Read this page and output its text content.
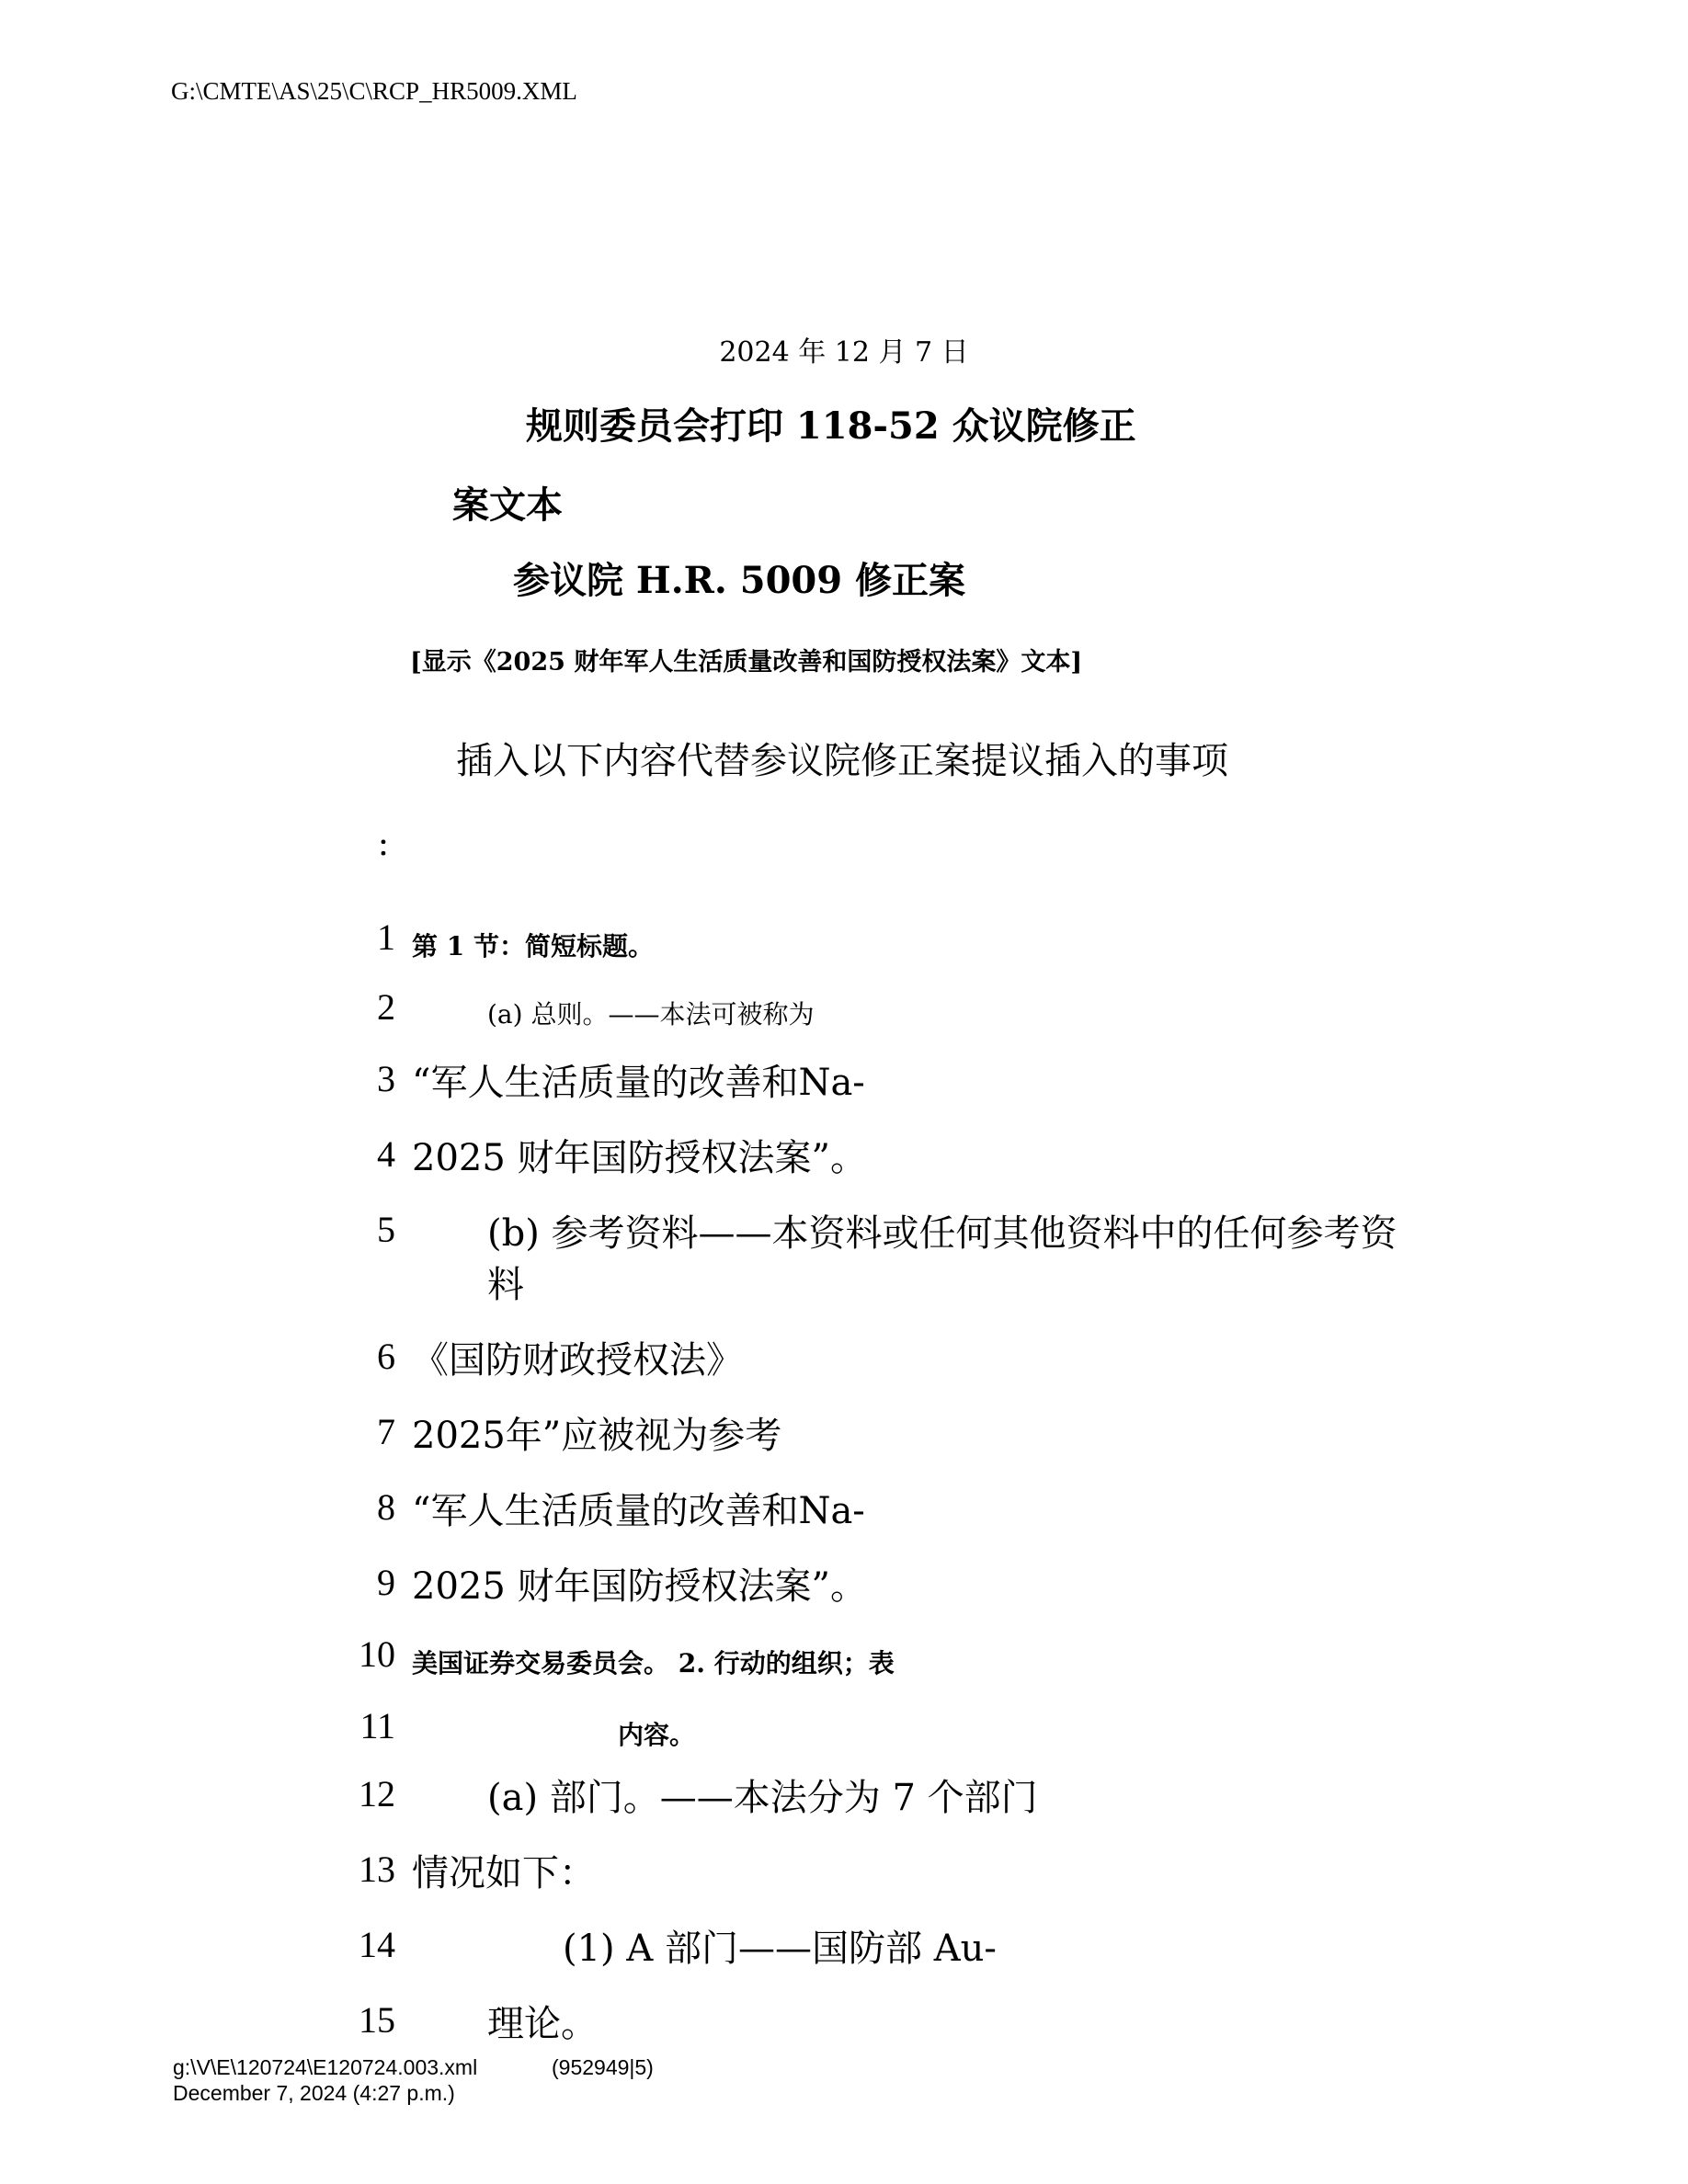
G:\CMTE\AS\25\C\RCP_HR5009.XML
2024 年 12 月 7 日
规则委员会打印 118-52 众议院修正
案文本
参议院 H.R. 5009 修正案
[显示《2025 财年军人生活质量改善和国防授权法案》文本]
插入以下内容代替参议院修正案提议插入的事项
：
1 第 1 节：简短标题。
2	(a) 总则。——本法可被称为
3 “军人生活质量的改善和Na-
4 2025 财年国防授权法案”。
5	(b) 参考资料——本资料或任何其他资料中的任何参考资
料
6 《国防财政授权法》
7 2025年”应被视为参考
8 “军人生活质量的改善和Na-
9 2025 财年国防授权法案”。
10 美国证券交易委员会。 2. 行动的组织；表
11	内容。
12	(a) 部门。——本法分为 7 个部门
13 情况如下：
14	(1) A 部门——国防部 Au-
15	理论。
g:\V\E\120724\E120724.003.xml	(952949|5)
December 7, 2024 (4:27 p.m.)
